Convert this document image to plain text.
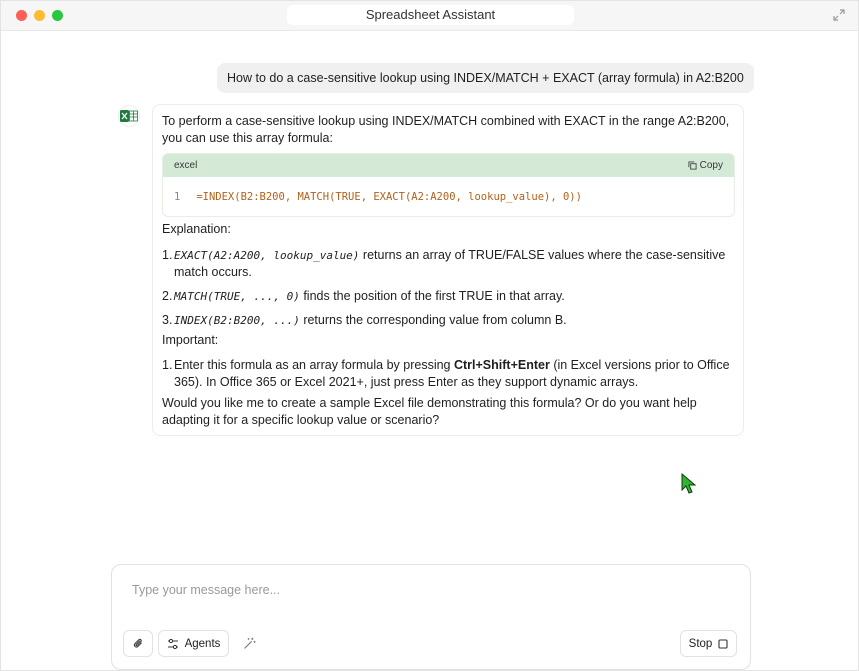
Spreadsheet Assistant
How to do a case-sensitive lookup using INDEX/MATCH + EXACT (array formula) in A2:B200

To perform a case-sensitive lookup using INDEX/MATCH combined with EXACT in the range A2:B200, you can use this array formula:

excel	Copy
1 =INDEX(B2:B200, MATCH(TRUE, EXACT(A2:A200, lookup_value), 0))
Explanation:
1. EXACT(A2:A200, lookup_value) returns an array of TRUE/FALSE values where the case-sensitive match occurs.
2. MATCH(TRUE, ..., 0) finds the position of the first TRUE in that array.
3. INDEX(B2:B200, ...) returns the corresponding value from column B.
Important:
1. Enter this formula as an array formula by pressing Ctrl+Shift+Enter (in Excel versions prior to Office 365). In Office 365 or Excel 2021+, just press Enter as they support dynamic arrays.

Would you like me to create a sample Excel file demonstrating this formula? Or do you want help adapting it for a specific lookup value or scenario?

Type your message here...
Agents	Stop
